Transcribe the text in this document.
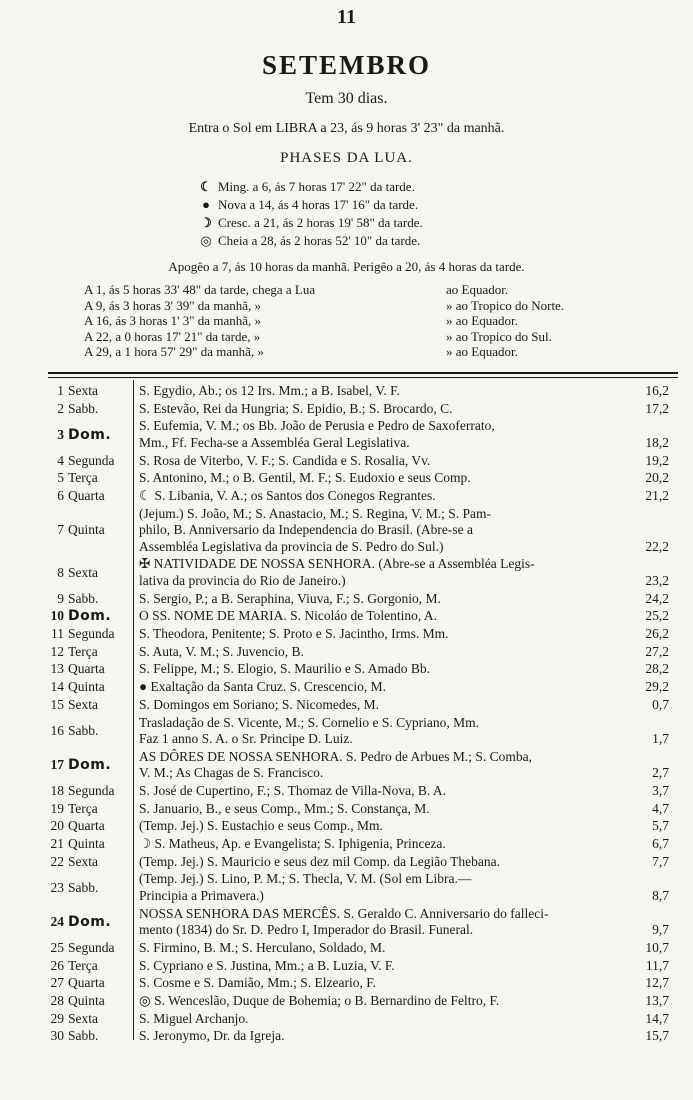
11
SETEMBRO
Tem 30 dias.
Entra o Sol em LIBRA a 23, ás 9 horas 3' 23" da manhã.
PHASES DA LUA.
☾ Ming. a 6, ás 7 horas 17' 22" da tarde.
● Nova a 14, ás 4 horas 17' 16" da tarde.
☽ Cresc. a 21, ás 2 horas 19' 58" da tarde.
◎ Cheia a 28, ás 2 horas 52' 10" da tarde.
Apogêo a 7, ás 10 horas da manhã. Perigêo a 20, ás 4 horas da tarde.
A 1, ás 5 horas 33' 48" da tarde, chega a Lua	ao Equador.
A 9, ás 3 horas 3' 39" da manhã, »	» ao Tropico do Norte.
A 16, ás 3 horas 1' 3" da manhã, »	» ao Equador.
A 22, a 0 horas 17' 21" da tarde, »	» ao Tropico do Sul.
A 29, a 1 hora 57' 29" da manhã, »	» ao Equador.
1 Sexta	S. Egydio, Ab.; os 12 Irs. Mm.; a B. Isabel, V. F.	16,2
2 Sabb.	S. Estevão, Rei da Hungria; S. Epidio, B.; S. Brocardo, C.	17,2
3 Dom.
S. Eufemia, V. M.; os Bb. João de Perusia e Pedro de Saxoferrato,
Mm., Ff. Fecha-se a Assembléa Geral Legislativa.	18,2
4 Segunda S. Rosa de Viterbo, V. F.; S. Candida e S. Rosalia, Vv.	19,2
5 Terça	S. Antonino, M.; o B. Gentil, M. F.; S. Eudoxio e seus Comp.	20,2
6 Quarta	☾ S. Libania, V. A.; os Santos dos Conegos Regrantes.	21,2
7 Quinta
(Jejum.) S. João, M.; S. Anastacio, M.; S. Regina, V. M.; S. Pam-
philo, B. Anniversario da Independencia do Brasil. (Abre-se a
Assembléa Legislativa da provincia de S. Pedro do Sul.)	22,2
8 Sexta
✠ NATIVIDADE DE NOSSA SENHORA. (Abre-se a Assembléa Legis-
lativa da provincia do Rio de Janeiro.)	23,2
9 Sabb.	S. Sergio, P.; a B. Seraphina, Viuva, F.; S. Gorgonio, M.	24,2
10 Dom. O SS. NOME DE MARIA. S. Nicoláo de Tolentino, A.	25,2
11 Segunda S. Theodora, Penitente; S. Proto e S. Jacintho, Irms. Mm.	26,2
12 Terça	S. Auta, V. M.; S. Juvencio, B.	27,2
13 Quarta	S. Felippe, M.; S. Elogio, S. Maurilio e S. Amado Bb.	28,2
14 Quinta	● Exaltação da Santa Cruz. S. Crescencio, M.	29,2
15 Sexta	S. Domingos em Soriano; S. Nicomedes, M.	0,7
16 Sabb.
Trasladação de S. Vicente, M.; S. Cornelio e S. Cypriano, Mm.
Faz 1 anno S. A. o Sr. Principe D. Luiz.	1,7
17 Dom.
AS DÔRES DE NOSSA SENHORA. S. Pedro de Arbues M.; S. Comba,
V. M.; As Chagas de S. Francisco.	2,7
18 Segunda S. José de Cupertino, F.; S. Thomaz de Villa-Nova, B. A.	3,7
19 Terça	S. Januario, B., e seus Comp., Mm.; S. Constança, M.	4,7
20 Quarta	(Temp. Jej.) S. Eustachio e seus Comp., Mm.	5,7
21 Quinta	☽ S. Matheus, Ap. e Evangelista; S. Iphigenia, Princeza.	6,7
22 Sexta	(Temp. Jej.) S. Mauricio e seus dez mil Comp. da Legião Thebana.	7,7
23 Sabb.
(Temp. Jej.) S. Lino, P. M.; S. Thecla, V. M. (Sol em Libra.—
Principia a Primavera.)	8,7
24 Dom.
NOSSA SENHORA DAS MERCÊS. S. Geraldo C. Anniversario do falleci-
mento (1834) do Sr. D. Pedro I, Imperador do Brasil. Funeral.	9,7
25 Segunda S. Firmino, B. M.; S. Herculano, Soldado, M.	10,7
26 Terça	S. Cypriano e S. Justina, Mm.; a B. Luzia, V. F.	11,7
27 Quarta	S. Cosme e S. Damião, Mm.; S. Elzeario, F.	12,7
28 Quinta	◎ S. Wenceslão, Duque de Bohemia; o B. Bernardino de Feltro, F.	13,7
29 Sexta	S. Miguel Archanjo.	14,7
30 Sabb.	S. Jeronymo, Dr. da Igreja.	15,7
